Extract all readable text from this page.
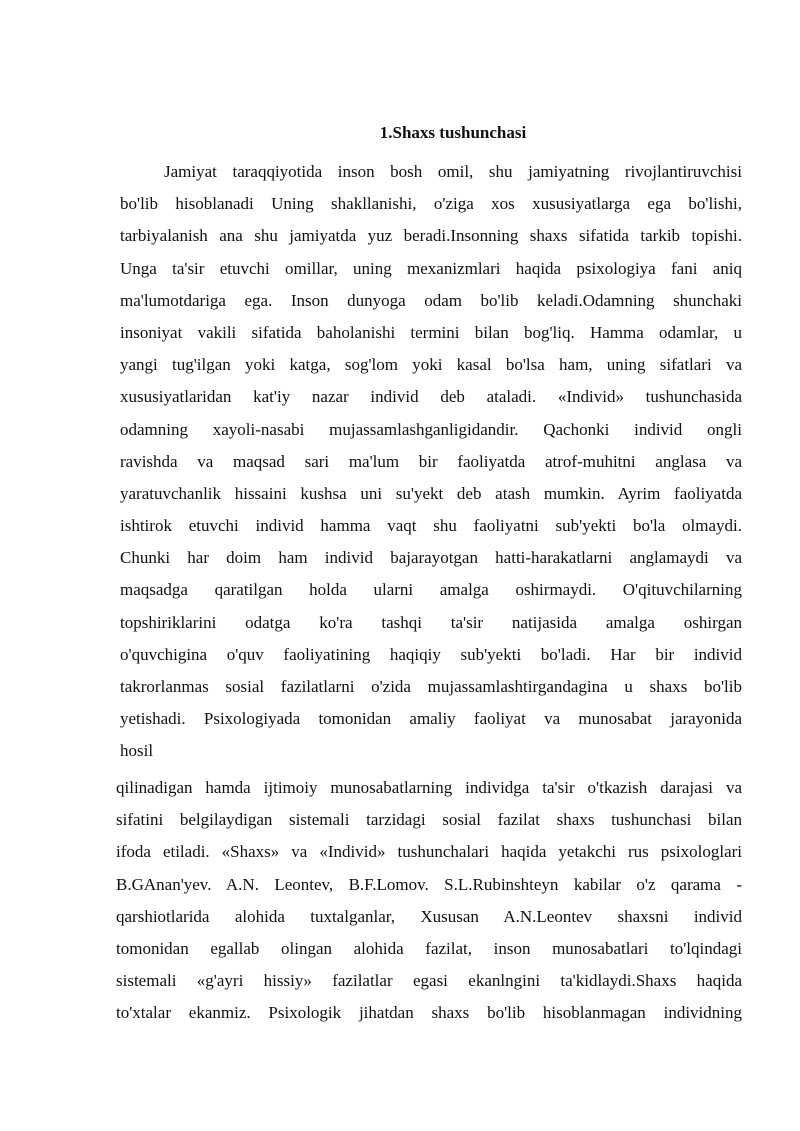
1.Shaxs tushunchasi
Jamiyat taraqqiyotida inson bosh omil, shu jamiyatning rivojlantiruvchisi
bo'lib hisoblanadi Uning shakllanishi, o'ziga xos xususiyatlarga ega bo'lishi,
tarbiyalanish ana shu jamiyatda yuz beradi.Insonning shaxs sifatida tarkib topishi.
Unga ta'sir etuvchi omillar, uning mexanizmlari haqida psixologiya fani aniq
ma'lumotdariga ega. Inson dunyoga odam bo'lib keladi.Odamning shunchaki
insoniyat vakili sifatida baholanishi termini bilan bog'liq. Hamma odamlar, u
yangi tug'ilgan yoki katga, sog'lom yoki kasal bo'lsa ham, uning sifatlari va
xususiyatlaridan kat'iy nazar individ deb ataladi. «Individ» tushunchasida
odamning xayoli-nasabi mujassamlashganligidandir. Qachonki individ ongli
ravishda va maqsad sari ma'lum bir faoliyatda atrof-muhitni anglasa va
yaratuvchanlik hissaini kushsa uni su'yekt deb atash mumkin. Ayrim faoliyatda
ishtirok etuvchi individ hamma vaqt shu faoliyatni sub'yekti bo'la olmaydi.
Chunki har doim ham individ bajarayotgan hatti-harakatlarni anglamaydi va
maqsadga qaratilgan holda ularni amalga oshirmaydi. O'qituvchilarning
topshiriklarini odatga ko'ra tashqi ta'sir natijasida amalga oshirgan
o'quvchigina o'quv faoliyatining haqiqiy sub'yekti bo'ladi. Har bir individ
takrorlanmas sosial fazilatlarni o'zida mujassamlashtirgandagina u shaxs bo'lib
yetishadi. Psixologiyada tomonidan amaliy faoliyat va munosabat jarayonida
hosil
qilinadigan hamda ijtimoiy munosabatlarning individga ta'sir o'tkazish darajasi va
sifatini belgilaydigan sistemali tarzidagi sosial fazilat shaxs tushunchasi bilan
ifoda etiladi. «Shaxs» va «Individ» tushunchalari haqida yetakchi rus psixologlari
B.GAnan'yev. A.N. Leontev, B.F.Lomov. S.L.Rubinshteyn kabilar o'z qarama -
qarshiotlarida alohida tuxtalganlar, Xususan A.N.Leontev shaxsni individ
tomonidan egallab olingan alohida fazilat, inson munosabatlari to'lqindagi
sistemali «g'ayri hissiy» fazilatlar egasi ekanlngini ta'kidlaydi.Shaxs haqida
to'xtalar ekanmiz. Psixologik jihatdan shaxs bo'lib hisoblanmagan individning
